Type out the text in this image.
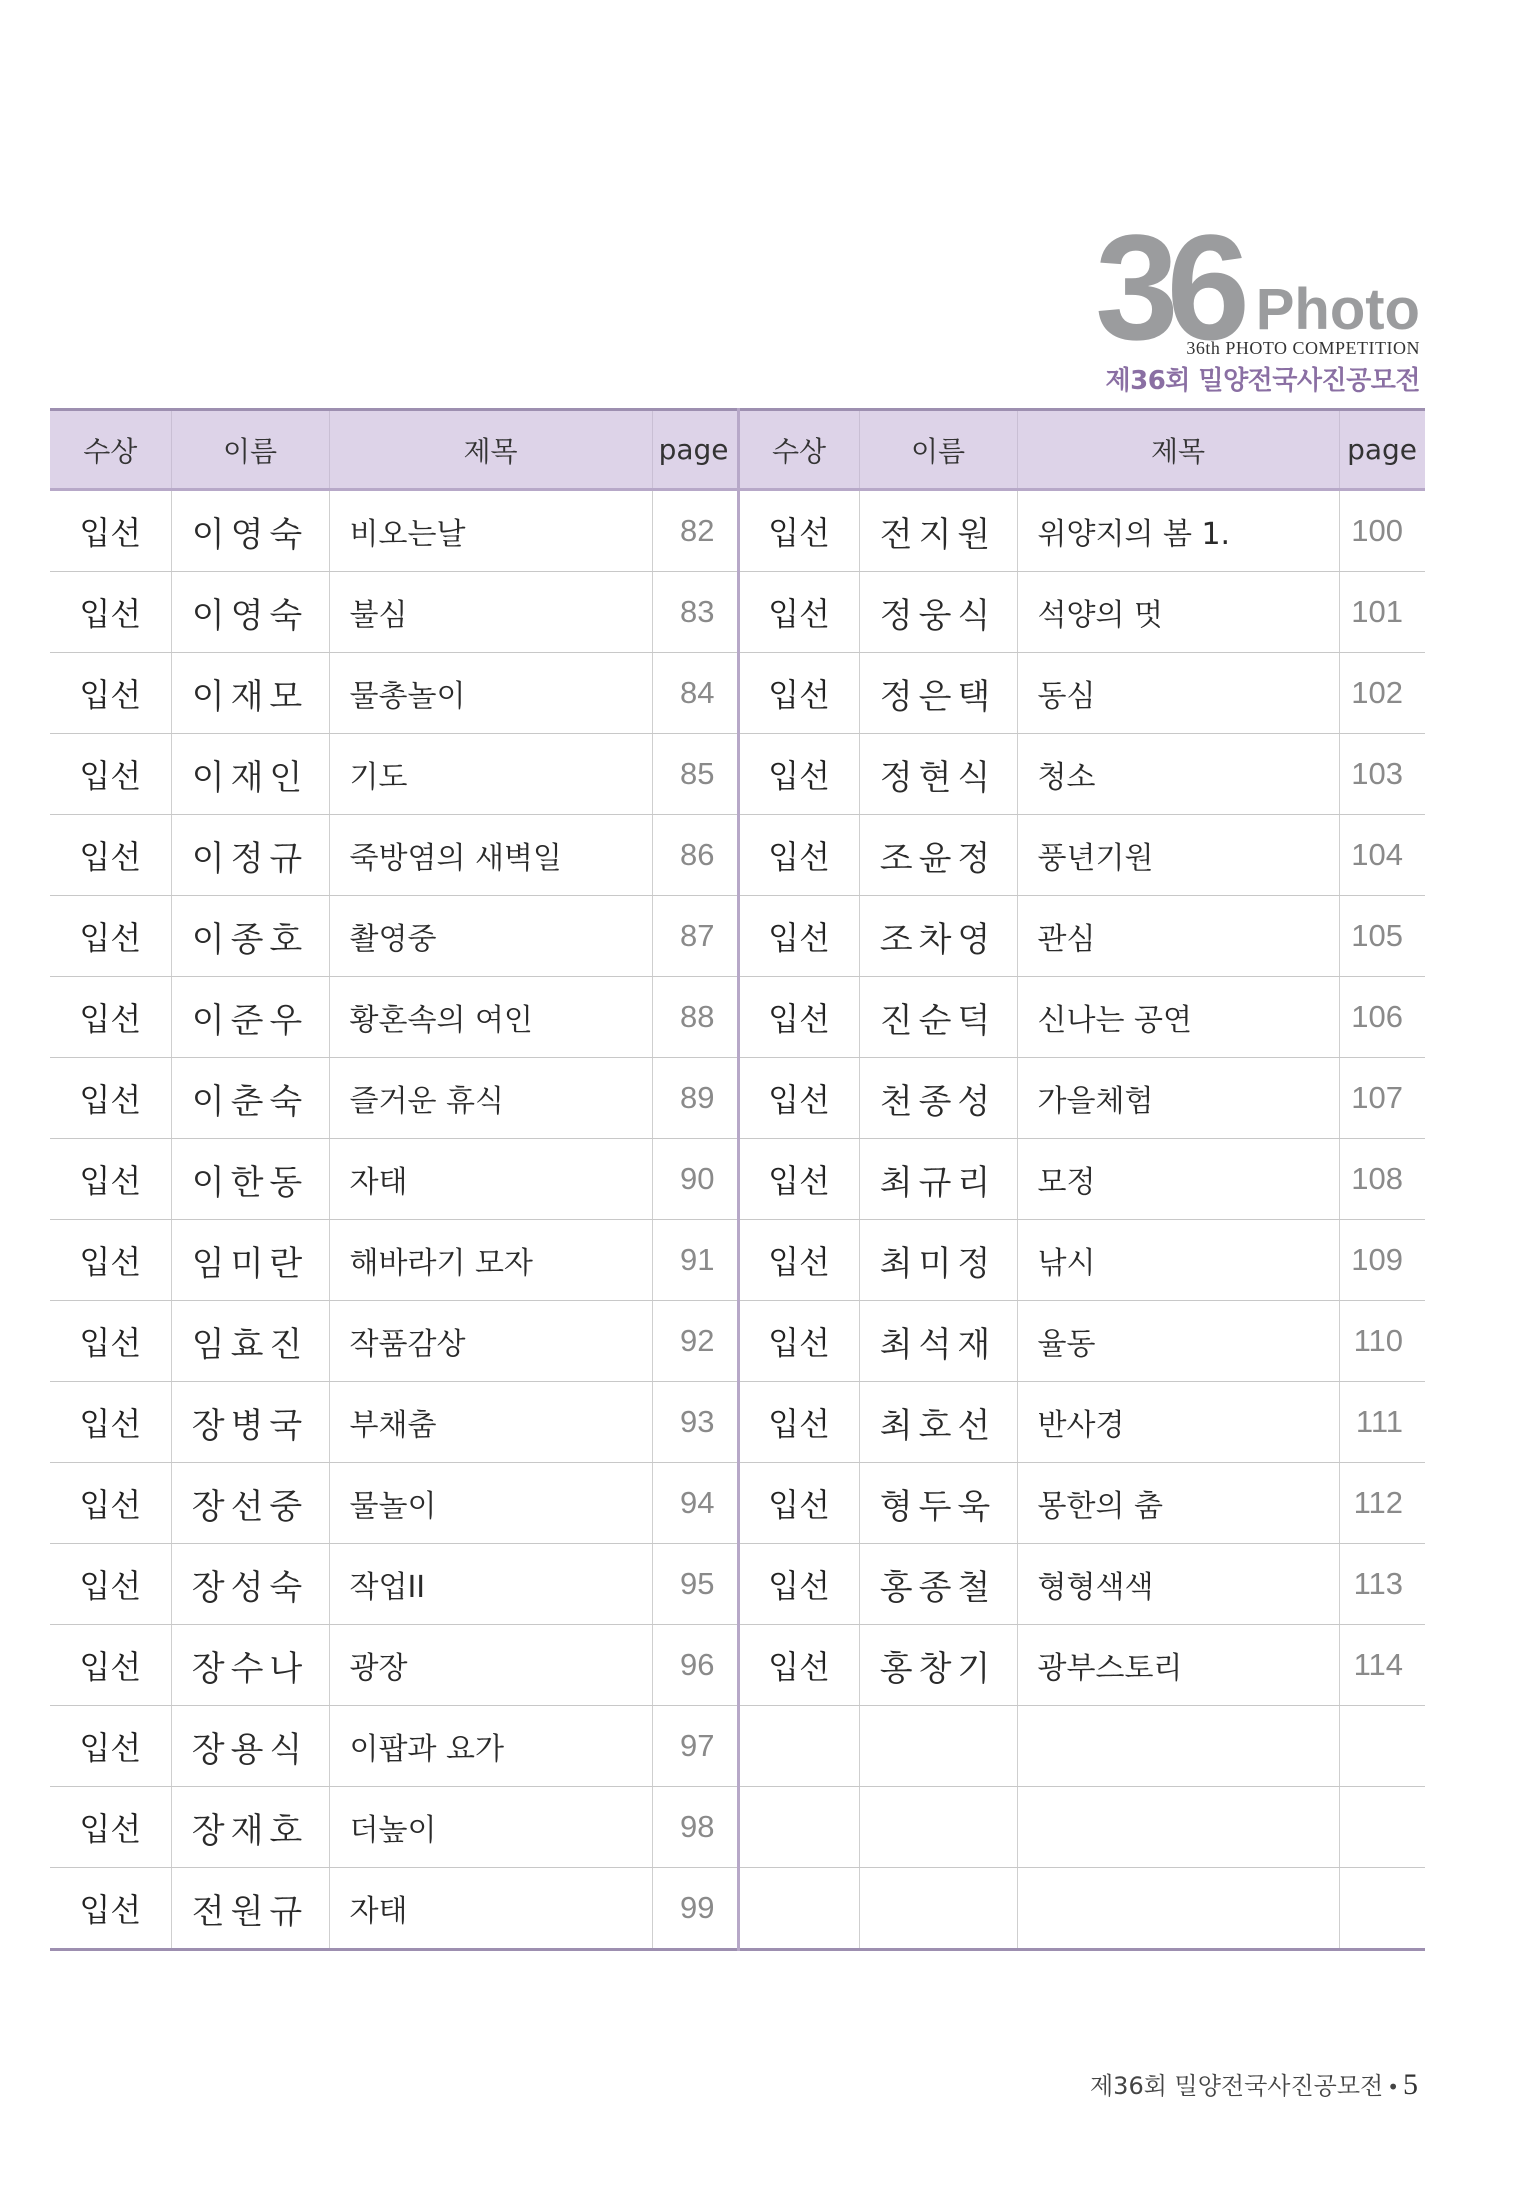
36 Photo
36th PHOTO COMPETITION
제36회 밀양전국사진공모전
수상	이름	제목	page	수상	이름	제목	page
입선	이영숙	비오는날	82	입선	전지원	위양지의 봄 1.	100
입선	이영숙	불심	83	입선	정웅식	석양의 멋	101
입선	이재모	물총놀이	84	입선	정은택	동심	102
입선	이재인	기도	85	입선	정현식	청소	103
입선	이정규	죽방염의 새벽일	86	입선	조윤정	풍년기원	104
입선	이종호	촬영중	87	입선	조차영	관심	105
입선	이준우	황혼속의 여인	88	입선	진순덕	신나는 공연	106
입선	이춘숙	즐거운 휴식	89	입선	천종성	가을체험	107
입선	이한동	자태	90	입선	최규리	모정	108
입선	임미란	해바라기 모자	91	입선	최미정	낚시	109
입선	임효진	작품감상	92	입선	최석재	율동	110
입선	장병국	부채춤	93	입선	최호선	반사경	111
입선	장선중	물놀이	94	입선	형두욱	몽한의 춤	112
입선	장성숙	작업II	95	입선	홍종철	형형색색	113
입선	장수나	광장	96	입선	홍창기	광부스토리	114
입선	장용식	이팝과 요가	97				
입선	장재호	더높이	98				
입선	전원규	자태	99				
제36회 밀양전국사진공모전 • 5
